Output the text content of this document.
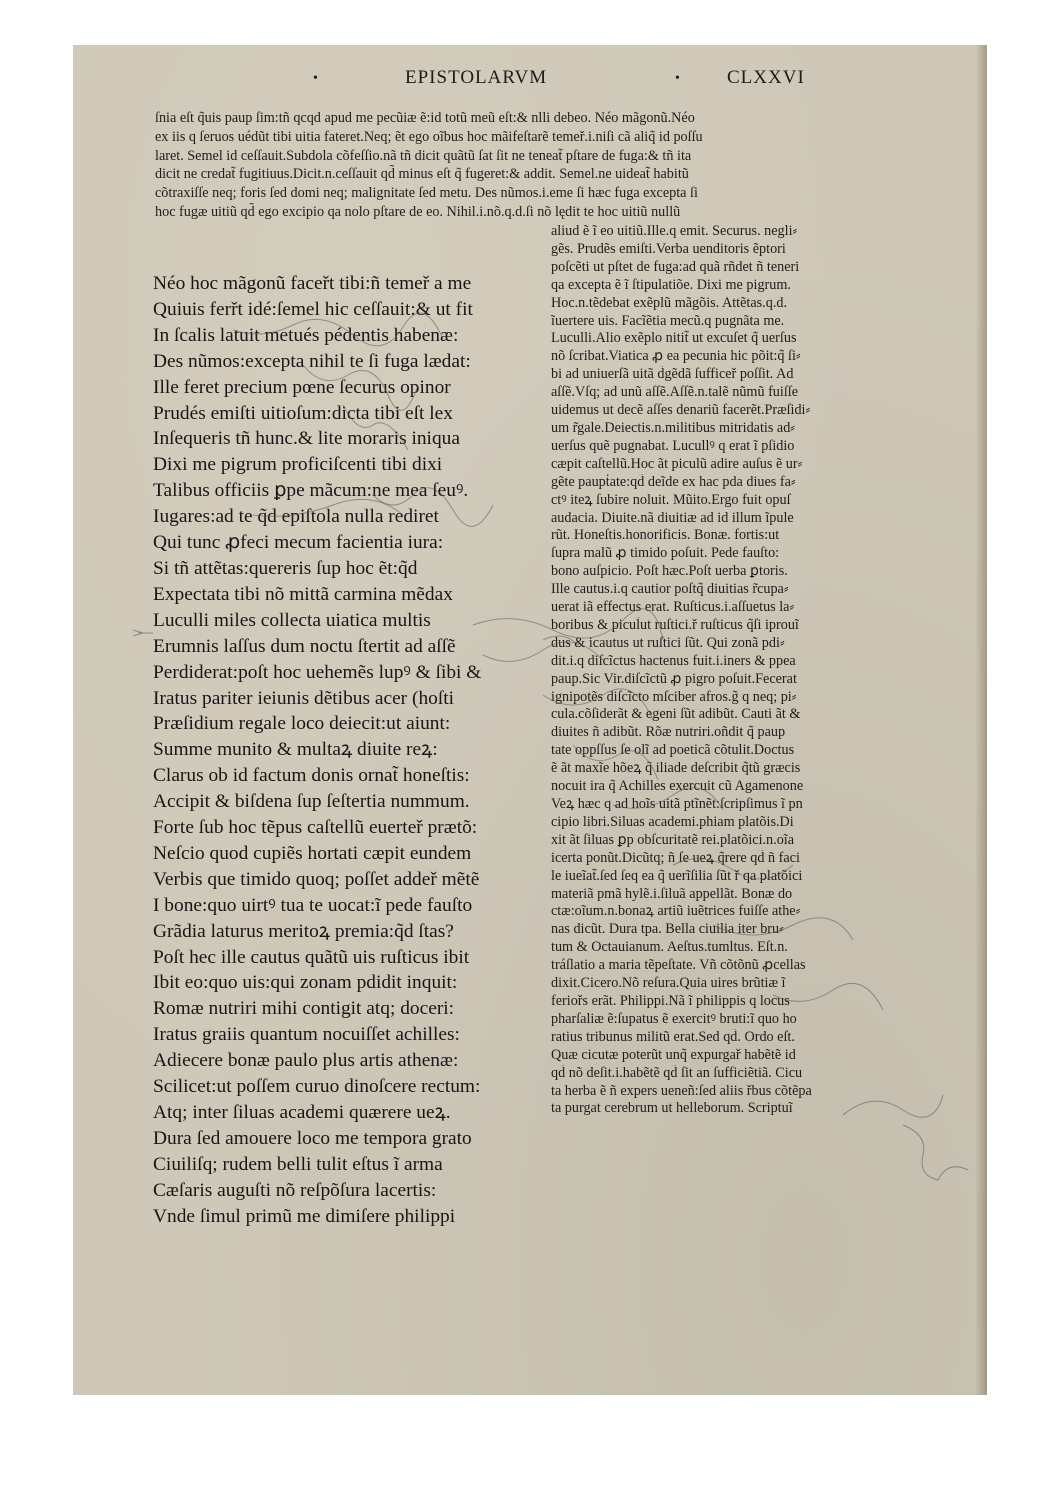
•	EPISTOLARVM	• CLXXVI
ſnia eſt q̃uis paup ſim:tñ qcqd apud me pecũiæ ẽ:id totũ meũ eſt:& nlli debeo. Néo mãgonũ.Néo
ex iis q ſeruos uédũt tibi uitia fateret.Neq; ẽt ego oĩbus hoc mãifeſtarẽ temeř.i.niſi cã aliq̃ id poſſu
laret. Semel id ceſſauit.Subdola cõfeſſio.nã tñ dicit quãtũ ſat ſit ne teneat̃ pſtare de fuga:& tñ ita
dicit ne credat̃ fugitiuus.Dicit.n.ceſſauit qd̃ minus eſt q̃ fugeret:& addit. Semel.ne uideat̃ habitũ
cõtraxiſſe neq; foris ſed domi neq; malignitate ſed metu. Des nũmos.i.eme ſi hæc fuga excepta ſi
hoc fugæ uitiũ qd̃ ego excipio qa nolo pſtare de eo. Nihil.i.nõ.q.d.ſi nõ lędit te hoc uitiũ nullũ
Néo hoc mãgonũ faceřt tibi:ñ temeř a me
Quiuis ferřt idé:ſemel hic ceſſauit:& ut fit
In ſcalis latuit metués pédentis habenæ:
Des nũmos:excepta nihil te ſi fuga lædat:
Ille feret precium pœne ſecurus opinor
Prudés emiſti uitioſum:dicta tibi eſt lex
Inſequeris tñ hunc.& lite moraris iniqua
Dixi me pigrum proficiſcenti tibi dixi
Talibus officiis ꝑpe mãcum:ne mea ſeuꝰ.
Iugares:ad te q̃d epiſtola nulla rediret
Qui tunc ꝓfeci mecum facientia iura:
Si tñ attẽtas:quereris ſup hoc ẽt:q̃d
Expectata tibi nõ mittã carmina mẽdax
Luculli miles collecta uiatica multis
Erumnis laſſus dum noctu ſtertit ad aſſẽ
Perdiderat:poſt hoc uehemẽs lupꝰ & ſibi &
Iratus pariter ieiunis dẽtibus acer (hoſti
Præſidium regale loco deiecit:ut aiunt:
Summe munito & multaꝝ diuite reꝝ:
Clarus ob id factum donis ornat̃ honeſtis:
Accipit & biſdena ſup ſeſtertia nummum.
Forte ſub hoc tẽpus caſtellũ euerteř prætõ:
Neſcio quod cupiẽs hortati cæpit eundem
Verbis que timido quoq; poſſet addeř mẽtẽ
I bone:quo uirtꝰ tua te uocat:ĩ pede fauſto
Grãdia laturus meritoꝝ premia:q̃d ſtas?
Poſt hec ille cautus quãtũ uis ruſticus ibit
Ibit eo:quo uis:qui zonam pdidit inquit:
Romæ nutriri mihi contigit atq; doceri:
Iratus graiis quantum nocuiſſet achilles:
Adiecere bonæ paulo plus artis athenæ:
Scilicet:ut poſſem curuo dinoſcere rectum:
Atq; inter ſiluas academi quærere ueꝝ.
Dura ſed amouere loco me tempora grato
Ciuiliſq; rudem belli tulit eſtus ĩ arma
Cæſaris auguſti nõ reſpõſura lacertis:
Vnde ſimul primũ me dimiſere philippi
aliud ẽ ĩ eo uitiũ.Ille.q emit. Securus. negli⸗
gẽs. Prudẽs emiſti.Verba uenditoris ẽptori
poſcẽti ut pſtet de fuga:ad quã rñdet ñ teneri
qa excepta ẽ ĩ ſtipulatiõe. Dixi me pigrum.
Hoc.n.tẽdebat exẽplũ mãgõis. Attẽtas.q.d.
ĩuertere uis. Facĩẽtia mecũ.q pugnãta me.
Luculli.Alio exẽplo nitit̃ ut excuſet q̃ uerſus
nõ ſcribat.Viatica ꝓ ea pecunia hic põit:q̃ ſi⸗
bi ad uniuerſã uitã d̃gẽdã ſufficeř poſſit. Ad
aſſẽ.Vſq; ad unũ aſſẽ.Aſſẽ.n.talẽ nũmũ fuiſſe
uidemus ut decẽ aſſes denariũ facerẽt.Præſidi⸗
um r̃gale.Deiectis.n.militibus mitridatis ad⸗
uerſus quẽ pugnabat. Lucullꝰ q erat ĩ pſidio
cæpit caſtellũ.Hoc ãt piculũ adire auſus ẽ ur⸗
gẽte paupṫate:qd̃ deĩde ex hac pda diues fa⸗
ctꝰ iteꝝ ſubire noluit. Mũito.Ergo fuit opuſ
audacia. Diuite.nã diuitiæ ad id illum ĩpule
rũt. Honeſtis.honorificis. Bonæ. fortis:ut
ſupra malũ ꝓ timido poſuit. Pede fauſto:
bono auſpicio. Poſt hæc.Poſt uerba ꝑtoris.
Ille cautus.i.q cautior poſtq̃ diuitias r̃cupa⸗
uerat iã effectus erat. Ruſticus.i.aſſuetus la⸗
boribus & picul̃ut ruſtici.ř ruſticus q̃ſi iprouĩ
dus & icautus ut ruſtici ſũt. Qui zonã pdi⸗
dit.i.q diſcĩctus hactenus fuit.i.iners & ppea
paup.Sic Vir.diſcĩctũ ꝓ pigro poſuit.Fecerat
ignipotẽs diſcĩcto mſciber afros.g̃ q neq; pi⸗
cula.cõſiderãt & egeni ſũt adibũt. Cauti ãt &
diuites ñ adibũt. Rõæ nutriri.oñdit q̃ paup
tate oppſſus ſe olĩ ad poeticã cõtulit.Doctus
ẽ ãt maxĩe hõeꝝ q̃ iliade deſcribit q̃tũ græcis
nocuit ira q̃ Achilles exercuit cũ Agamenone
Veꝝ hæc q ad hoĩs uitã ptĩnẽt:ſcripſimus ĩ pn
cipio libri.Siluas academi.phiam platõis.Di
xit ãt ſiluas ꝑp obſcuritatẽ rei.platõici.n.oĩa
icerta ponũt.Dicũtq; ñ ſe ueꝝ q̃rere qd̃ ñ faci
le iueĩat̃.ſed ſeq ea q̃ uerĩſilia ſũt ř qa platõici
materiã pmã hylẽ.i.ſiluã appellãt. Bonæ do
ctæ:oĩum.n.bonaꝝ artiũ iuẽtrices fuiſſe athe⸗
nas dicũt. Dura tpa. Bella ciuilia iter bru⸗
tum & Octauianum. Aeſtus.tumltus. Eſt.n.
tráſlatio a maria tẽpeſtate. Vñ cõtõnũ ꝓcellas
dixit.Cicero.Nõ reſura.Quia uires brũtiæ ĩ
feriořs erãt. Philippi.Nã ĩ philippis q locus
pharſaliæ ẽ:ſupatus ẽ exercitꝰ bruti:ĩ quo ho
ratius tribunus militũ erat.Sed qd̃. Ordo eſt.
Quæ cicutæ poterũt unq̃ expurgař habẽtẽ id
qd̃ nõ deſit.i.habẽtẽ qd̃ ſit an ſufficiẽtiã. Cicu
ta herba ẽ ñ expers ueneñ:ſed aliis řbus cõtẽpa
ta purgat cerebrum ut helleborum. Scriptuĩ
